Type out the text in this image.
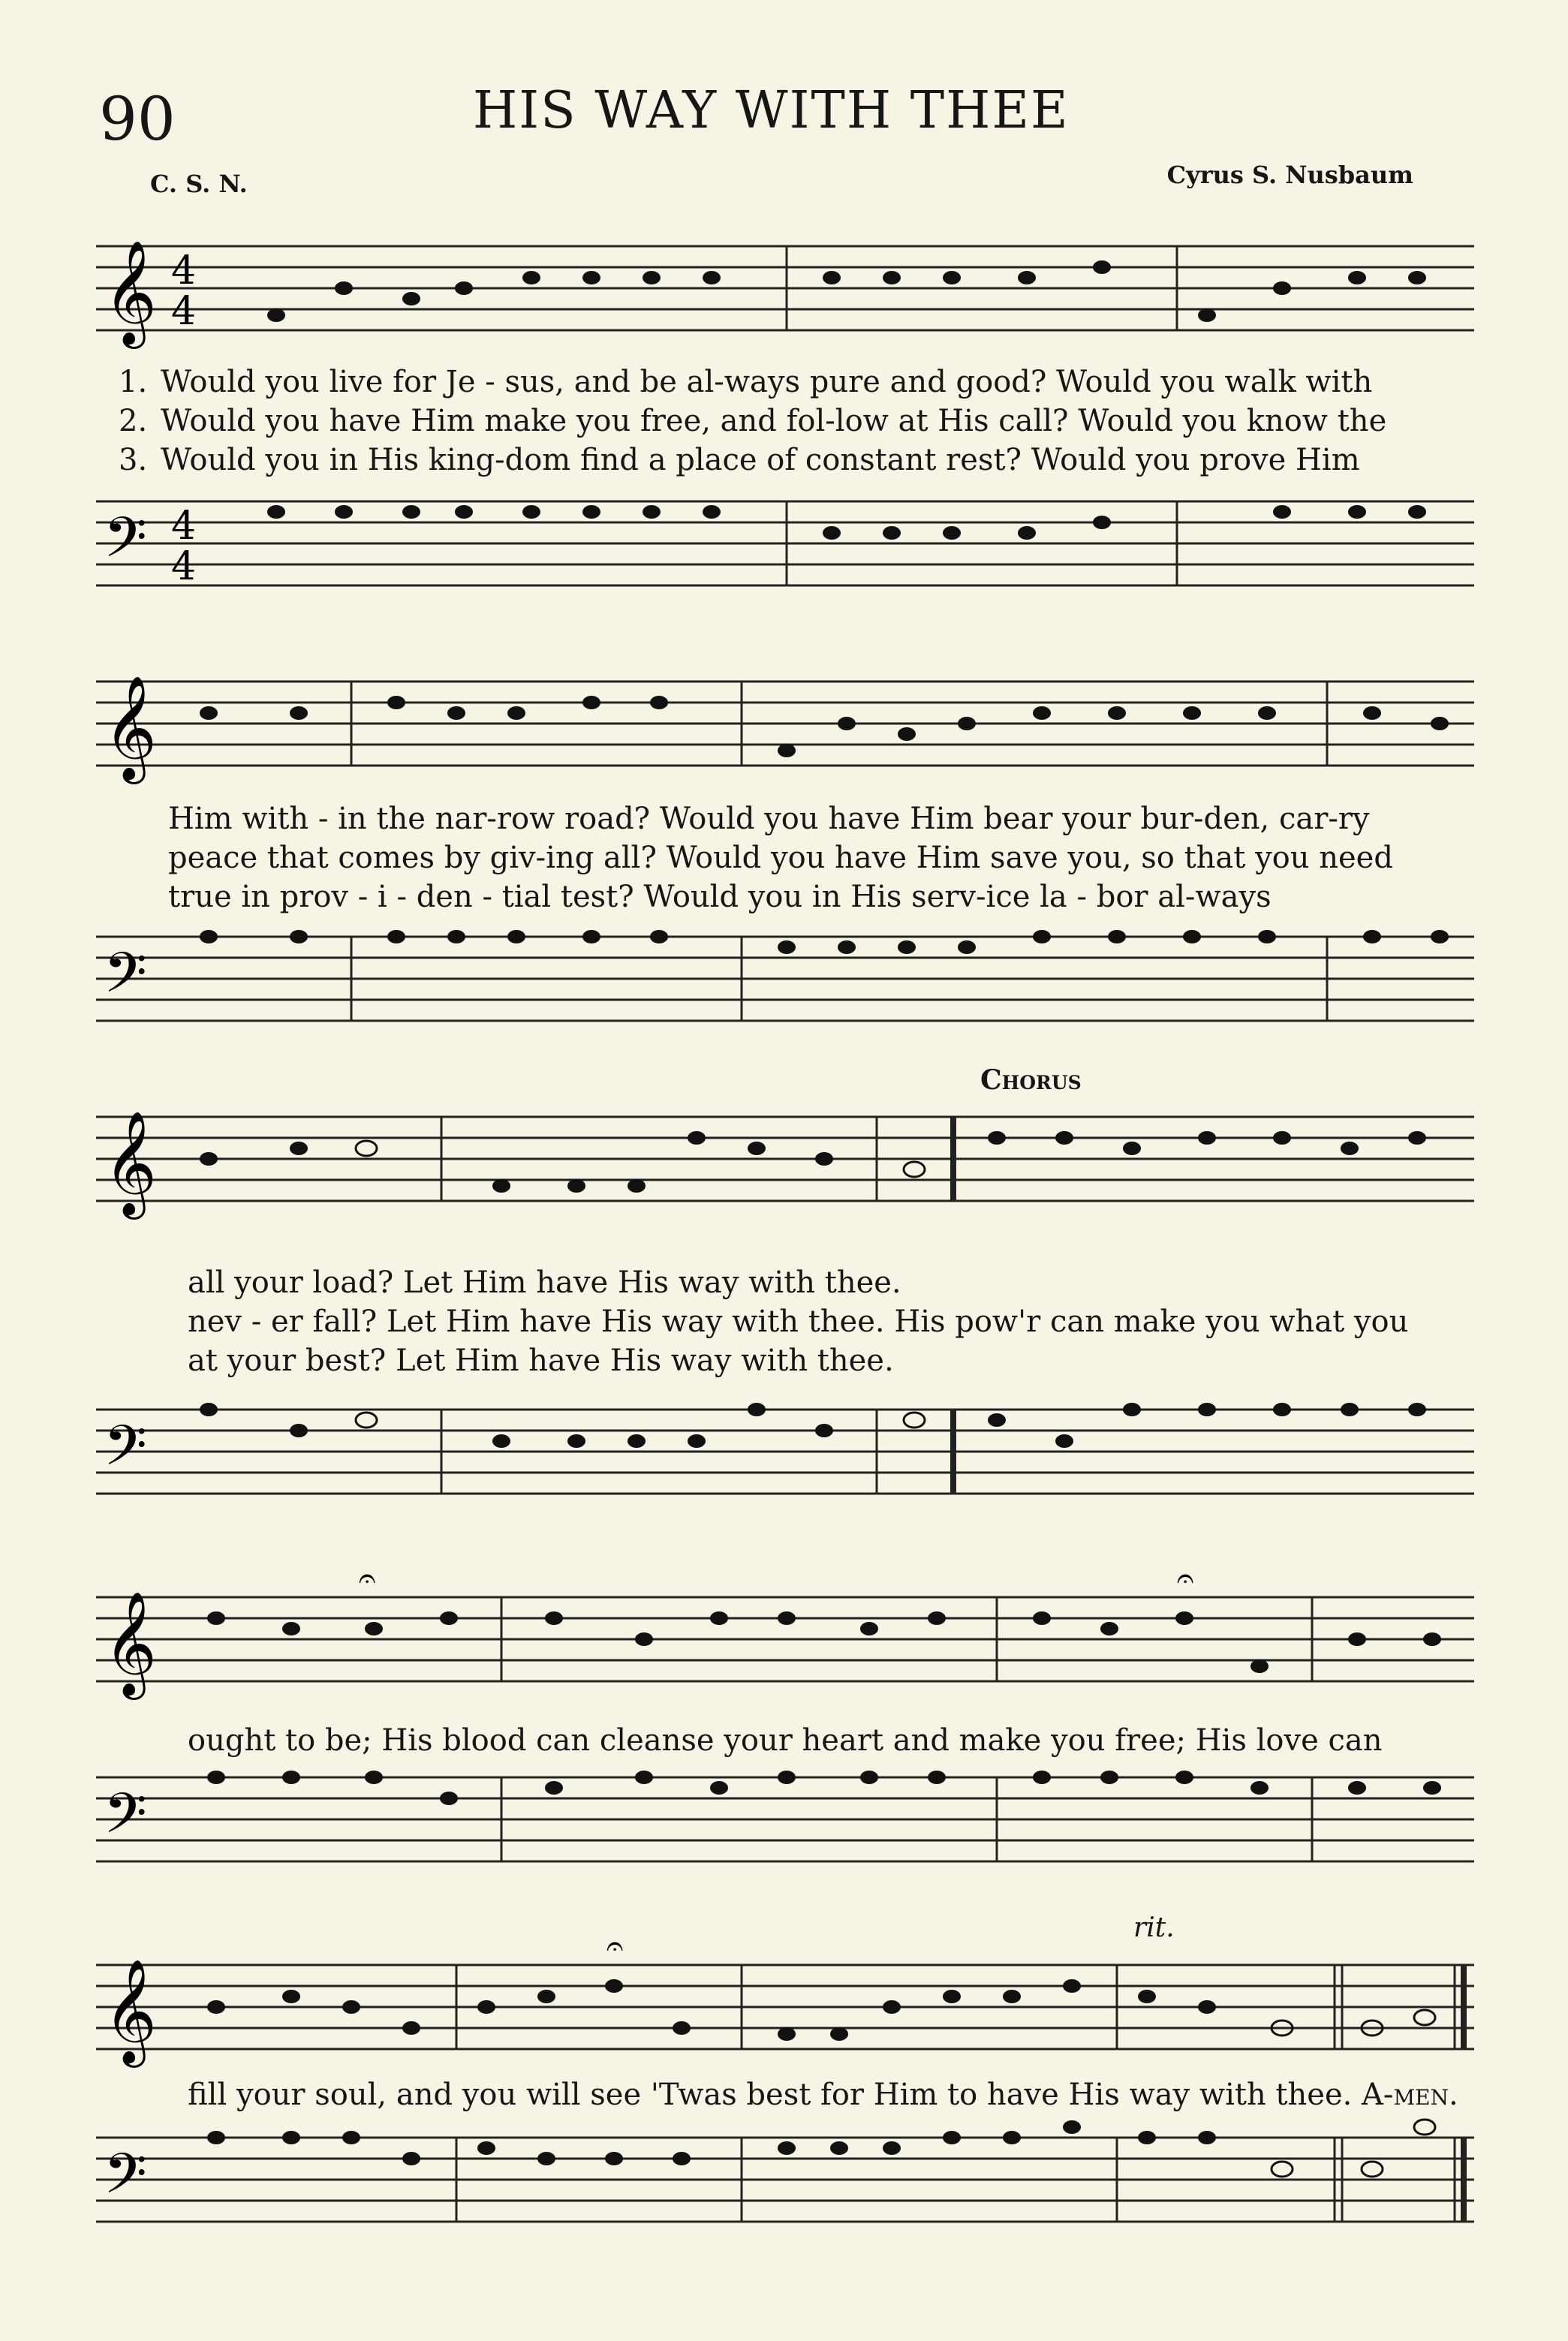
90	HIS WAY WITH THEE
C. S. N.	Cyrus S. Nusbaum
𝄞 4
4
𝄢 4
4
1. Would you live for Je - sus, and be al-ways pure and good? Would you walk with
2. Would you have Him make you free, and fol-low at His call? Would you know the
3. Would you in His king-dom find a place of constant rest? Would you prove Him
𝄞
𝄢
Him with - in the nar-row road? Would you have Him bear your bur-den, car-ry
peace that comes by giv-ing all? Would you have Him save you, so that you need
true in prov - i - den - tial test? Would you in His serv-ice la - bor al-ways
Chorus
𝄞
𝄢
all your load? Let Him have His way with thee.
nev - er fall? Let Him have His way with thee. His pow'r can make you what you
at your best? Let Him have His way with thee.
𝄞
𝄐	𝄐
𝄢
ought to be; His blood can cleanse your heart and make you free; His love can
rit.
𝄞
𝄐
𝄢
fill your soul, and you will see 'Twas best for Him to have His way with thee. A-men.
